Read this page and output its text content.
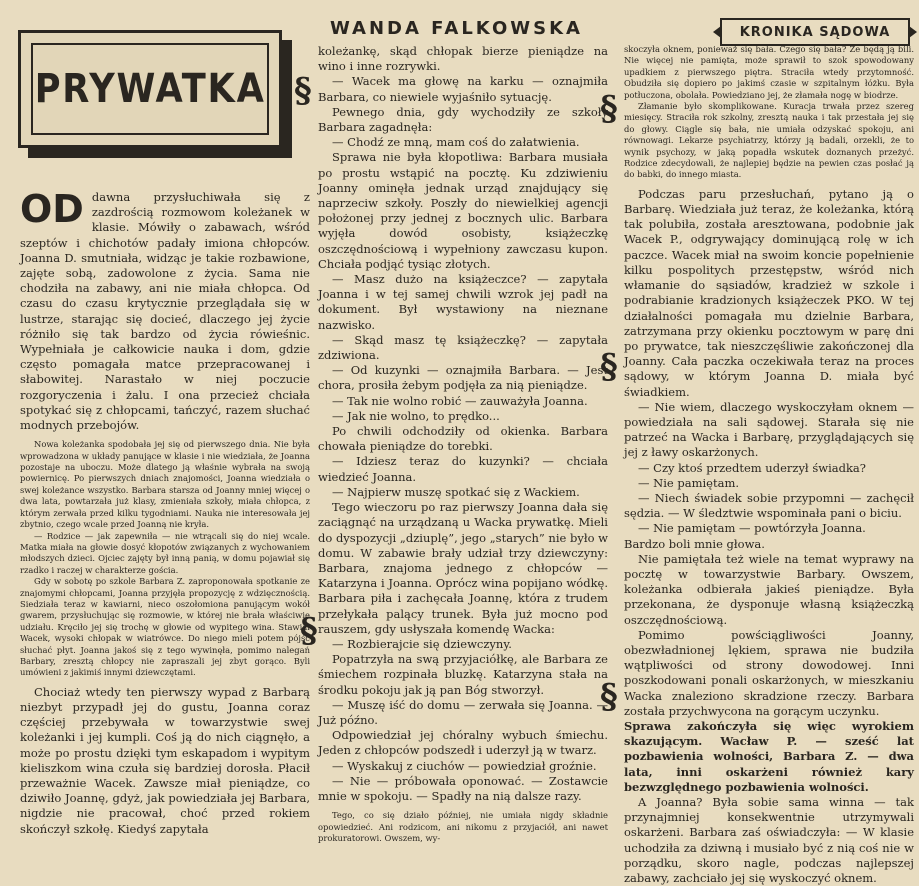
PRYWATKA
WANDA FALKOWSKA	KRONIKA SĄDOWA
§	§
§
§
§
OD dawna przysłuchiwała się z zazdrością rozmowom koleżanek w klasie. Mówiły o zabawach, wśród szeptów i chichotów padały imiona chłopców. Joanna D. smutniała, widząc je takie rozbawione, zajęte sobą, zadowolone z życia. Sama nie chodziła na zabawy, ani nie miała chłopca. Od czasu do czasu krytycznie przeglądała się w lustrze, starając się docieć, dlaczego jej życie różniło się tak bardzo od życia rówieśnic. Wypełniała je całkowicie nauka i dom, gdzie często pomagała matce przepracowanej i słabowitej. Narastało w niej poczucie rozgoryczenia i żalu. I ona przecież chciała spotykać się z chłopcami, tańczyć, razem słuchać modnych przebojów.

Nowa koleżanka spodobała jej się od pierwszego dnia. Nie była wprowadzona w układy panujące w klasie i nie wiedziała, że Joanna pozostaje na uboczu. Może dlatego ją właśnie wybrała na swoją powiernicę. Po pierwszych dniach znajomości, Joanna wiedziała o swej koleżance wszystko. Barbara starsza od Joanny mniej więcej o dwa lata, powtarzała już klasy, zmieniała szkoły, miała chłopca, z którym zerwała przed kilku tygodniami. Nauka nie interesowała jej zbytnio, czego wcale przed Joanną nie kryła.

— Rodzice — jak zapewniła — nie wtrącali się do niej wcale. Matka miała na głowie dosyć kłopotów związanych z wychowaniem młodszych dzieci. Ojciec zajęty był inną panią, w domu pojawiał się rzadko i raczej w charakterze gościa.

Gdy w sobotę po szkole Barbara Z. zaproponowała spotkanie ze znajomymi chłopcami, Joanna przyjęła propozycję z wdzięcznością. Siedziała teraz w kawiarni, nieco oszołomiona panującym wokół gwarem, przysłuchując się rozmowie, w której nie brała właściwie udziału. Kręciło jej się trochę w głowie od wypitego wina. Stawiał Wacek, wysoki chłopak w wiatrówce. Do niego mieli potem pójść słuchać płyt. Joanna jakoś się z tego wywinęła, pomimo nalegań Barbary, zresztą chłopcy nie zapraszali jej zbyt gorąco. Byli umówieni z jakimiś innymi dziewczętami.

Chociaż wtedy ten pierwszy wypad z Barbarą niezbyt przypadł jej do gustu, Joanna coraz częściej przebywała w towarzystwie swej koleżanki i jej kumpli. Coś ją do nich ciągnęło, a może po prostu dzięki tym eskapadom i wypitym kieliszkom wina czuła się bardziej dorosła. Płacił przeważnie Wacek. Zawsze miał pieniądze, co dziwiło Joannę, gdyż, jak powiedziała jej Barbara, nigdzie nie pracował, choć przed rokiem skończył szkołę. Kiedyś zapytała

koleżankę, skąd chłopak bierze pieniądze na wino i inne rozrywki.

— Wacek ma głowę na karku — oznajmiła Barbara, co niewiele wyjaśniło sytuację.

Pewnego dnia, gdy wychodziły ze szkoły Barbara zagadnęła:

— Chodź ze mną, mam coś do załatwienia.

Sprawa nie była kłopotliwa: Barbara musiała po prostu wstąpić na pocztę. Ku zdziwieniu Joanny ominęła jednak urząd znajdujący się naprzeciw szkoły. Poszły do niewielkiej agencji położonej przy jednej z bocznych ulic. Barbara wyjęła dowód osobisty, książeczkę oszczędnościową i wypełniony zawczasu kupon. Chciała podjąć tysiąc złotych.

— Masz dużo na książeczce? — zapytała Joanna i w tej samej chwili wzrok jej padł na dokument. Był wystawiony na nieznane nazwisko.

— Skąd masz tę książeczkę? — zapytała zdziwiona.

— Od kuzynki — oznajmiła Barbara. — Jest chora, prosiła żebym podjęła za nią pieniądze.

— Tak nie wolno robić — zauważyła Joanna.

— Jak nie wolno, to prędko...

Po chwili odchodziły od okienka. Barbara chowała pieniądze do torebki.

— Idziesz teraz do kuzynki? — chciała wiedzieć Joanna.

— Najpierw muszę spotkać się z Wackiem.

Tego wieczoru po raz pierwszy Joanna dała się zaciągnąć na urządzaną u Wacka prywatkę. Mieli do dyspozycji „dziuplę”, jego „starych” nie było w domu. W zabawie brały udział trzy dziewczyny: Barbara, znajoma jednego z chłopców — Katarzyna i Joanna. Oprócz wina popijano wódkę. Barbara piła i zachęcała Joannę, która z trudem przełykała palący trunek. Była już mocno pod rauszem, gdy usłyszała komendę Wacka:

— Rozbierajcie się dziewczyny.

Popatrzyła na swą przyjaciółkę, ale Barbara ze śmiechem rozpinała bluzkę. Katarzyna stała na środku pokoju jak ją pan Bóg stworzył.

— Muszę iść do domu — zerwała się Joanna. — Już późno.

Odpowiedział jej chóralny wybuch śmiechu. Jeden z chłopców podszedł i uderzył ją w twarz.

— Wyskakuj z ciuchów — powiedział groźnie.

— Nie — próbowała oponować. — Zostawcie mnie w spokoju. — Spadły na nią dalsze razy.

Tego, co się działo później, nie umiała nigdy składnie opowiedzieć. Ani rodzicom, ani nikomu z przyjaciół, ani nawet prokuratorowi. Owszem, wy-

skoczyła oknem, ponieważ się bała. Czego się bała? Że będą ją bili. Nie więcej nie pamięta, może sprawił to szok spowodowany upadkiem z pierwszego piętra. Straciła wtedy przytomność. Obudziła się dopiero po jakimś czasie w szpitalnym łóżku. Była potłuczona, obolała. Powiedziano jej, że złamała nogę w biodrze.

Złamanie było skomplikowane. Kuracja trwała przez szereg miesięcy. Straciła rok szkolny, zresztą nauka i tak przestała jej się do głowy. Ciągle się bała, nie umiała odzyskać spokoju, ani równowagi. Lekarze psychiatrzy, którzy ją badali, orzekli, że to wynik psychozy, w jaką popadła wskutek doznanych przeżyć. Rodzice zdecydowali, że najlepiej będzie na pewien czas posłać ją do babki, do innego miasta.

Podczas paru przesłuchań, pytano ją o Barbarę. Wiedziała już teraz, że koleżanka, którą tak polubiła, została aresztowana, podobnie jak Wacek P., odgrywający dominującą rolę w ich paczce. Wacek miał na swoim koncie popełnienie kilku pospolitych przestępstw, wśród nich włamanie do sąsiadów, kradzież w szkole i podrabianie kradzionych książeczek PKO. W tej działalności pomagała mu dzielnie Barbara, zatrzymana przy okienku pocztowym w parę dni po prywatce, tak nieszczęśliwie zakończonej dla Joanny. Cała paczka oczekiwała teraz na proces sądowy, w którym Joanna D. miała być świadkiem.

— Nie wiem, dlaczego wyskoczyłam oknem — powiedziała na sali sądowej. Starała się nie patrzeć na Wacka i Barbarę, przyglądających się jej z ławy oskarżonych.

— Czy ktoś przedtem uderzył świadka?

— Nie pamiętam.

— Niech świadek sobie przypomni — zachęcił sędzia. — W śledztwie wspominała pani o biciu.

— Nie pamiętam — powtórzyła Joanna.

Bardzo boli mnie głowa.

Nie pamiętała też wiele na temat wyprawy na pocztę w towarzystwie Barbary. Owszem, koleżanka odbierała jakieś pieniądze. Była przekonana, że dysponuje własną książeczką oszczędnościową.

Pomimo powściągliwości Joanny, obezwładnionej lękiem, sprawa nie budziła wątpliwości od strony dowodowej. Inni poszkodowani ponali oskarżonych, w mieszkaniu Wacka znaleziono skradzione rzeczy. Barbara została przychwycona na gorącym uczynku.

Sprawa zakończyła się więc wyrokiem skazującym. Wacław P. — sześć lat pozbawienia wolności, Barbara Z. — dwa lata, inni oskarżeni również kary bezwzględnego pozbawienia wolności.

A Joanna? Była sobie sama winna — tak przynajmniej konsekwentnie utrzymywali oskarżeni. Barbara zaś oświadczyła: — W klasie uchodziła za dziwną i musiało być z nią coś nie w porządku, skoro nagle, podczas najlepszej zabawy, zachciało jej się wyskoczyć oknem.
